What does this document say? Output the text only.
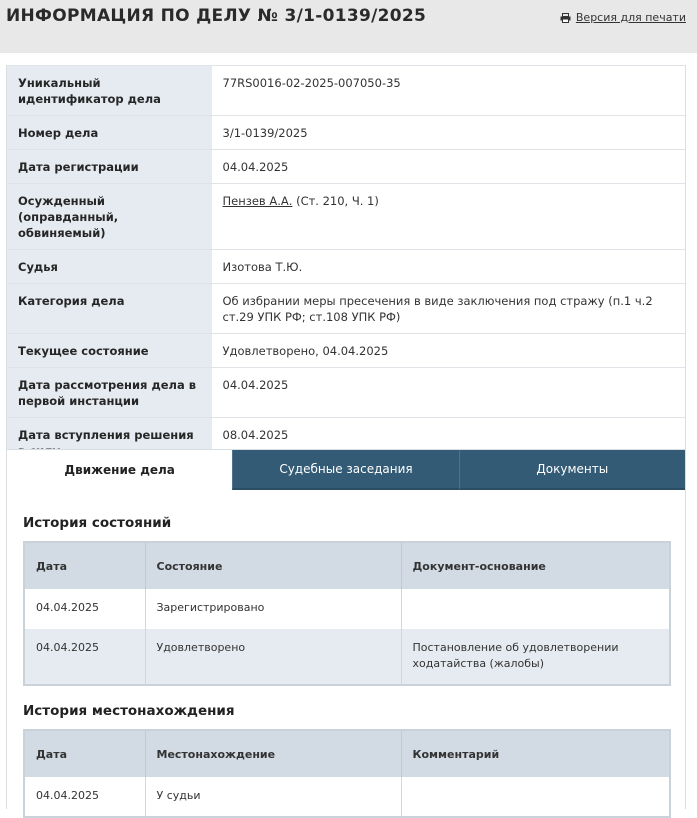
ИНФОРМАЦИЯ ПО ДЕЛУ № 3/1-0139/2025	Версия для печати
Уникальный идентификатор дела	77RS0016-02-2025-007050-35
Номер дела	3/1-0139/2025
Дата регистрации	04.04.2025
Осужденный (оправданный, обвиняемый)	Пензев А.А. (Ст. 210, Ч. 1)
Судья	Изотова Т.Ю.
Категория дела	Об избрании меры пресечения в виде заключения под стражу (п.1 ч.2 ст.29 УПК РФ; ст.108 УПК РФ)
Текущее состояние	Удовлетворено, 04.04.2025
Дата рассмотрения дела в первой инстанции	04.04.2025
Дата вступления решения	08.04.2025
Движение дела	Судебные заседания	Документы
История состояний
Дата	Состояние	Документ-основание
04.04.2025	Зарегистрировано	
04.04.2025	Удовлетворено	Постановление об удовлетворении ходатайства (жалобы)
История местонахождения
Дата	Местонахождение	Комментарий
04.04.2025	У судьи	
